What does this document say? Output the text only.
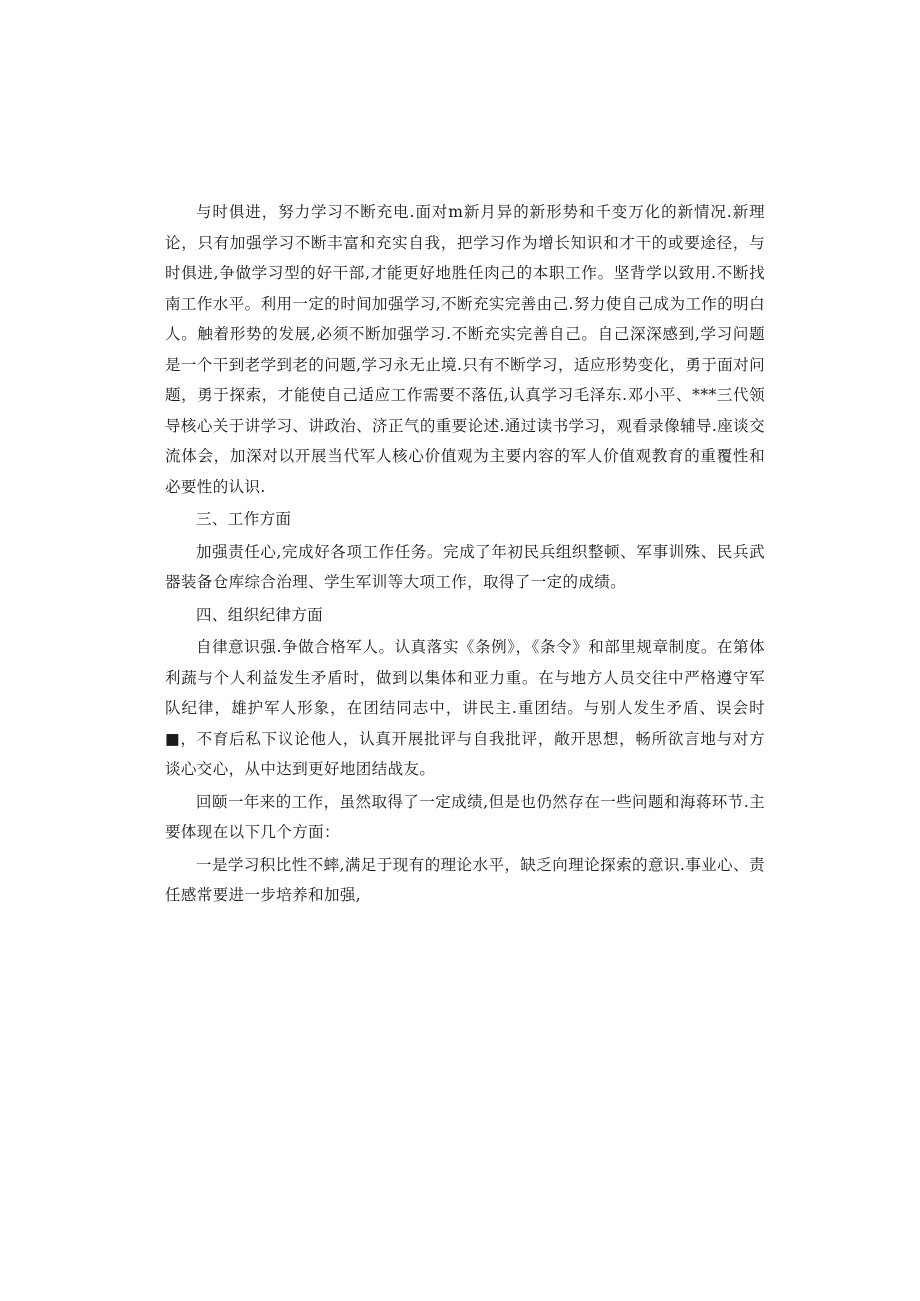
与时俱进，努力学习不断充电.面对m新月异的新形势和千变万化的新情况.新理论，只有加强学习不断丰富和充实自我，把学习作为增长知识和才干的或要途径，与时俱进,争做学习型的好干部,才能更好地胜任肉己的本职工作。坚背学以致用.不断找南工作水平。利用一定的时间加强学习,不断充实完善由己.努力使自己成为工作的明白人。触着形势的发展,必须不断加强学习.不断充实完善自己。自己深深感到,学习问题是一个干到老学到老的问题,学习永无止境.只有不断学习，适应形势变化，勇于面对问题，勇于探索，才能使自己适应工作需要不落伍,认真学习毛泽东.邓小平、***三代领导核心关于讲学习、讲政治、济正气的重要论述.通过读书学习，观看录像辅导.座谈交流体会，加深对以开展当代军人核心价值观为主要内容的军人价值观教育的重覆性和必要性的认识.

三、工作方面

加强责任心,完成好各项工作任务。完成了年初民兵组织整顿、军事训殊、民兵武器装备仓库综合治理、学生军训等大项工作，取得了一定的成绩。

四、组织纪律方面

自律意识强.争做合格军人。认真落实《条例》，《条令》和部里规章制度。在第体利蔬与个人利益发生矛盾时，做到以集体和亚力重。在与地方人员交往中严格遵守军队纪律，雄护军人形象，在团结同志中，讲民主.重团结。与别人发生矛盾、误会时■，不育后私下议论他人，认真开展批评与自我批评，敞开思想，畅所欲言地与对方谈心交心，从中达到更好地团结战友。

回颐一年来的工作，虽然取得了一定成绩,但是也仍然存在一些问题和海蒋环节.主要体现在以下几个方面：

一是学习积比性不蟀,满足于现有的理论水平，缺乏向理论探索的意识.事业心、责任感常要进一步培养和加强,
